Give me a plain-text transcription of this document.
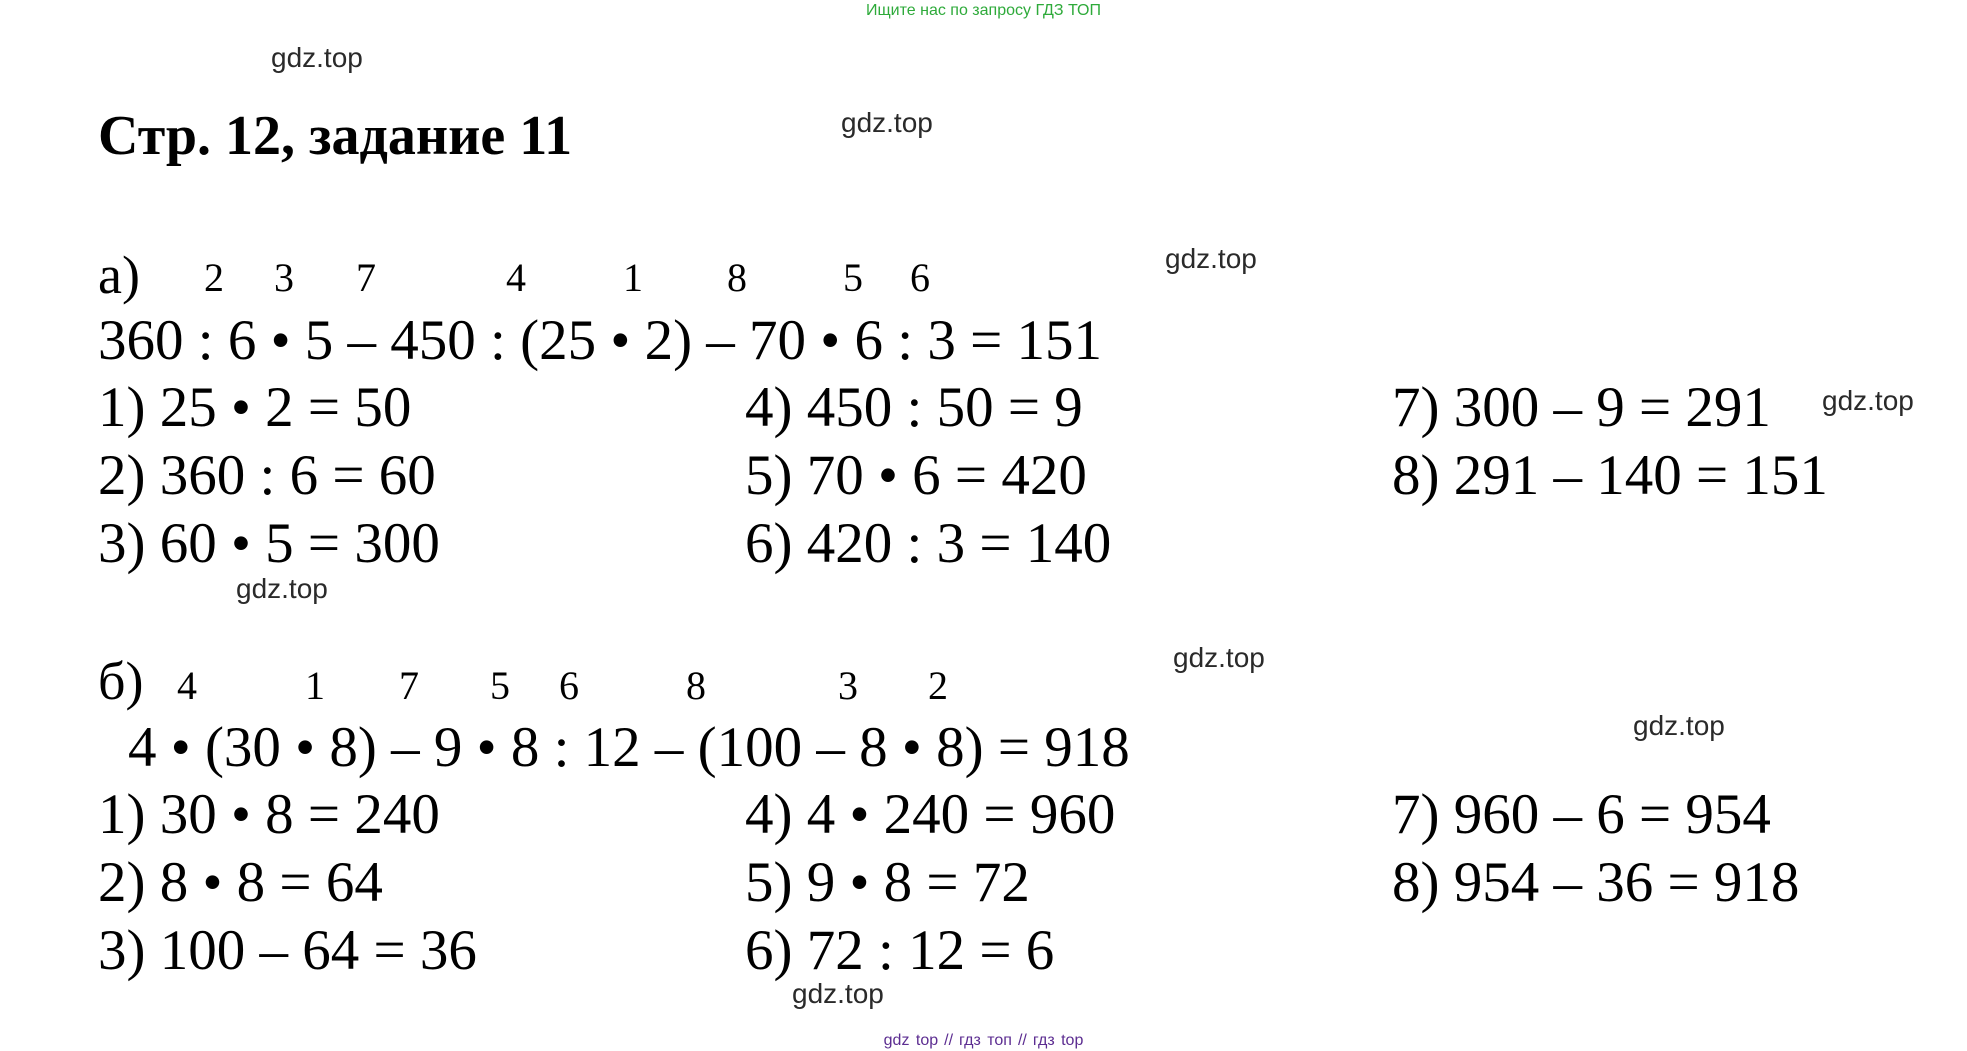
Ищите нас по запросу ГДЗ ТОП
gdz.top
gdz.top
gdz.top
gdz.top
gdz.top
gdz.top
gdz.top
gdz.top
Стр. 12, задание 11
а) 2 3 7	4 1 8 5 6
360 : 6 • 5 – 450 : (25 • 2) – 70 • 6 : 3 = 151
1) 25 • 2 = 50
2) 360 : 6 = 60
3) 60 • 5 = 300
4) 450 : 50 = 9
5) 70 • 6 = 420
6) 420 : 3 = 140
7) 300 – 9 = 291
8) 291 – 140 = 151
б) 4	1 7 5 6	8	3 2
4 • (30 • 8) – 9 • 8 : 12 – (100 – 8 • 8) = 918
1) 30 • 8 = 240
2) 8 • 8 = 64
3) 100 – 64 = 36
4) 4 • 240 = 960
5) 9 • 8 = 72
6) 72 : 12 = 6
7) 960 – 6 = 954
8) 954 – 36 = 918
gdz top // гдз топ // гдз top
